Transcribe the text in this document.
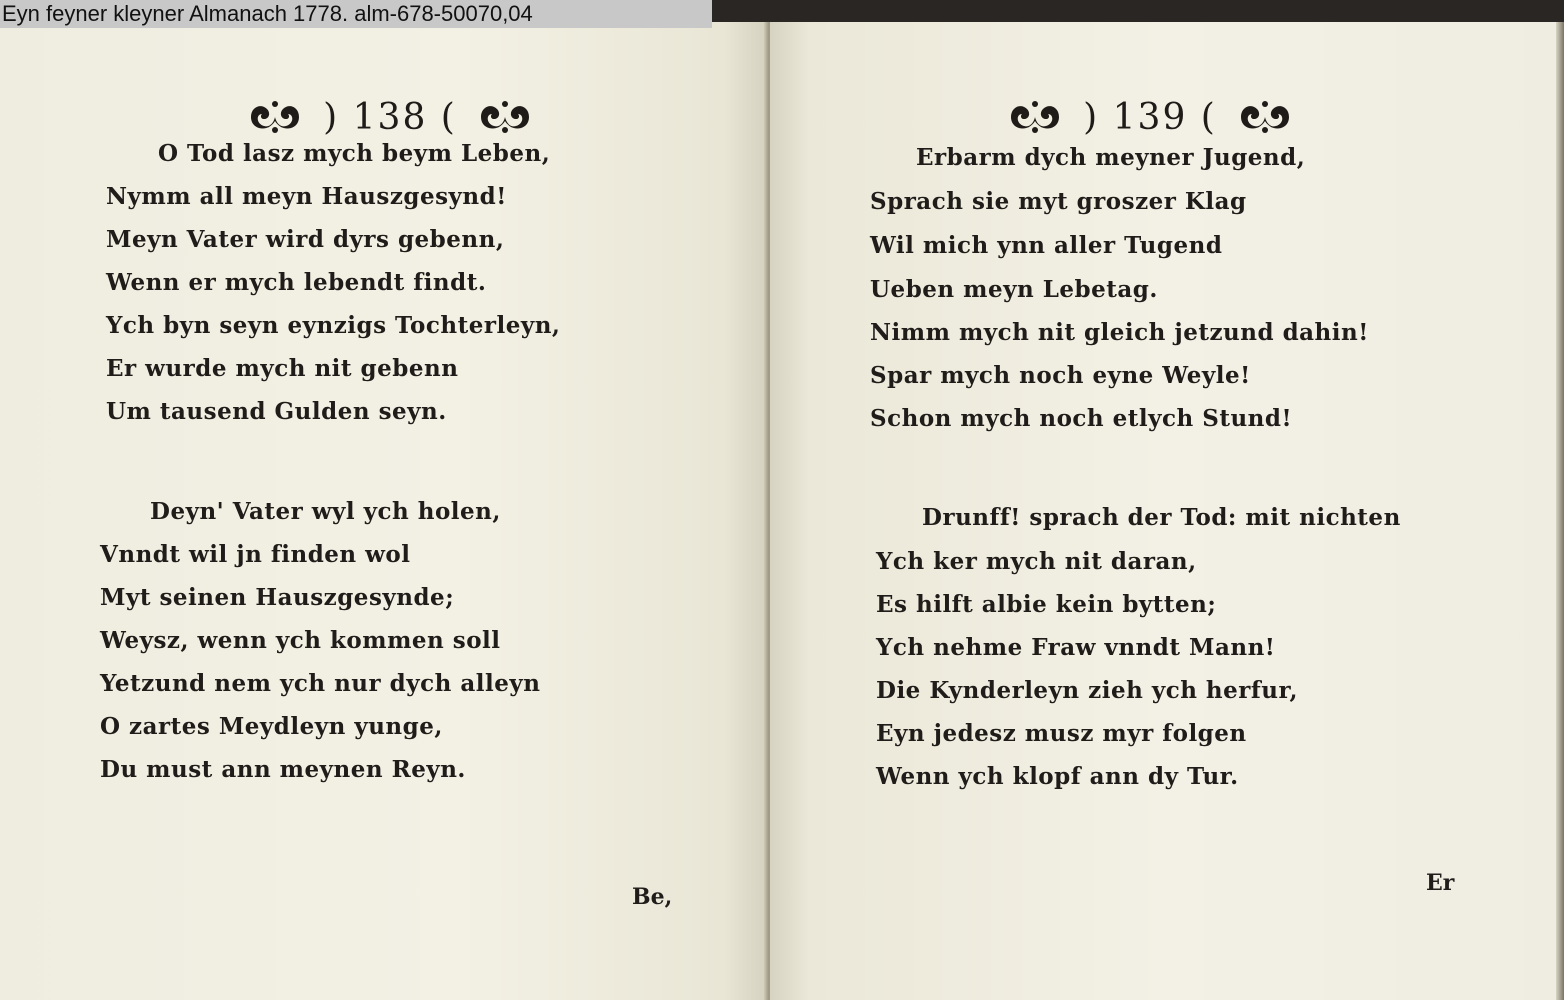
Eyn feyner kleyner Almanach 1778. alm-678-50070,04
) 138 (
O Tod lasz mych beym Leben,
Nymm all meyn Hauszgesynd!
Meyn Vater wird dyrs gebenn,
Wenn er mych lebendt findt.
Ych byn seyn eynzigs Tochterleyn,
Er wurde mych nit gebenn
Um tausend Gulden seyn.
Deyn' Vater wyl ych holen,
Vnndt wil jn finden wol
Myt seinen Hauszgesynde;
Weysz, wenn ych kommen soll
Yetzund nem ych nur dych alleyn
O zartes Meydleyn yunge,
Du must ann meynen Reyn.
Be,
) 139 (
Erbarm dych meyner Jugend,
Sprach sie myt groszer Klag
Wil mich ynn aller Tugend
Ueben meyn Lebetag.
Nimm mych nit gleich jetzund dahin!
Spar mych noch eyne Weyle!
Schon mych noch etlych Stund!
Drunff! sprach der Tod: mit nichten
Ych ker mych nit daran,
Es hilft albie kein bytten;
Ych nehme Fraw vnndt Mann!
Die Kynderleyn zieh ych herfur,
Eyn jedesz musz myr folgen
Wenn ych klopf ann dy Tur.
Er
